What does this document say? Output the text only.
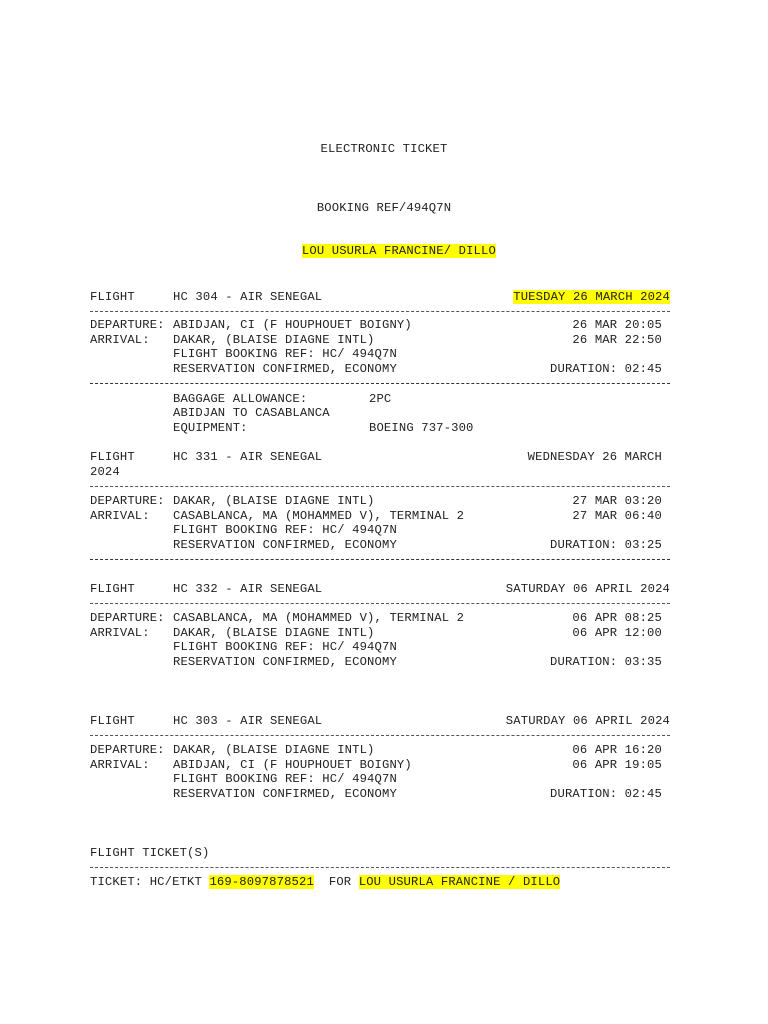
ELECTRONIC TICKET
BOOKING REF/494Q7N

LOU USURLA FRANCINE/ DILLO

FLIGHT	HC 304 - AIR SENEGAL	TUESDAY 26 MARCH 2024
DEPARTURE: ABIDJAN, CI (F HOUPHOUET BOIGNY)	26 MAR 20:05
ARRIVAL: DAKAR, (BLAISE DIAGNE INTL)	26 MAR 22:50
FLIGHT BOOKING REF: HC/ 494Q7N
RESERVATION CONFIRMED, ECONOMY	DURATION: 02:45
BAGGAGE ALLOWANCE:	2PC
ABIDJAN TO CASABLANCA
EQUIPMENT:	BOEING 737-300
FLIGHT	HC 331 - AIR SENEGAL	WEDNESDAY 26 MARCH
2024
DEPARTURE: DAKAR, (BLAISE DIAGNE INTL)	27 MAR 03:20
ARRIVAL: CASABLANCA, MA (MOHAMMED V), TERMINAL 2	27 MAR 06:40
FLIGHT BOOKING REF: HC/ 494Q7N
RESERVATION CONFIRMED, ECONOMY	DURATION: 03:25
FLIGHT	HC 332 - AIR SENEGAL	SATURDAY 06 APRIL 2024
DEPARTURE: CASABLANCA, MA (MOHAMMED V), TERMINAL 2	06 APR 08:25
ARRIVAL: DAKAR, (BLAISE DIAGNE INTL)	06 APR 12:00
FLIGHT BOOKING REF: HC/ 494Q7N
RESERVATION CONFIRMED, ECONOMY	DURATION: 03:35
FLIGHT	HC 303 - AIR SENEGAL	SATURDAY 06 APRIL 2024
DEPARTURE: DAKAR, (BLAISE DIAGNE INTL)	06 APR 16:20
ARRIVAL: ABIDJAN, CI (F HOUPHOUET BOIGNY)	06 APR 19:05
FLIGHT BOOKING REF: HC/ 494Q7N
RESERVATION CONFIRMED, ECONOMY	DURATION: 02:45
FLIGHT TICKET(S)
TICKET: HC/ETKT 169-8097878521 FOR LOU USURLA FRANCINE / DILLO
